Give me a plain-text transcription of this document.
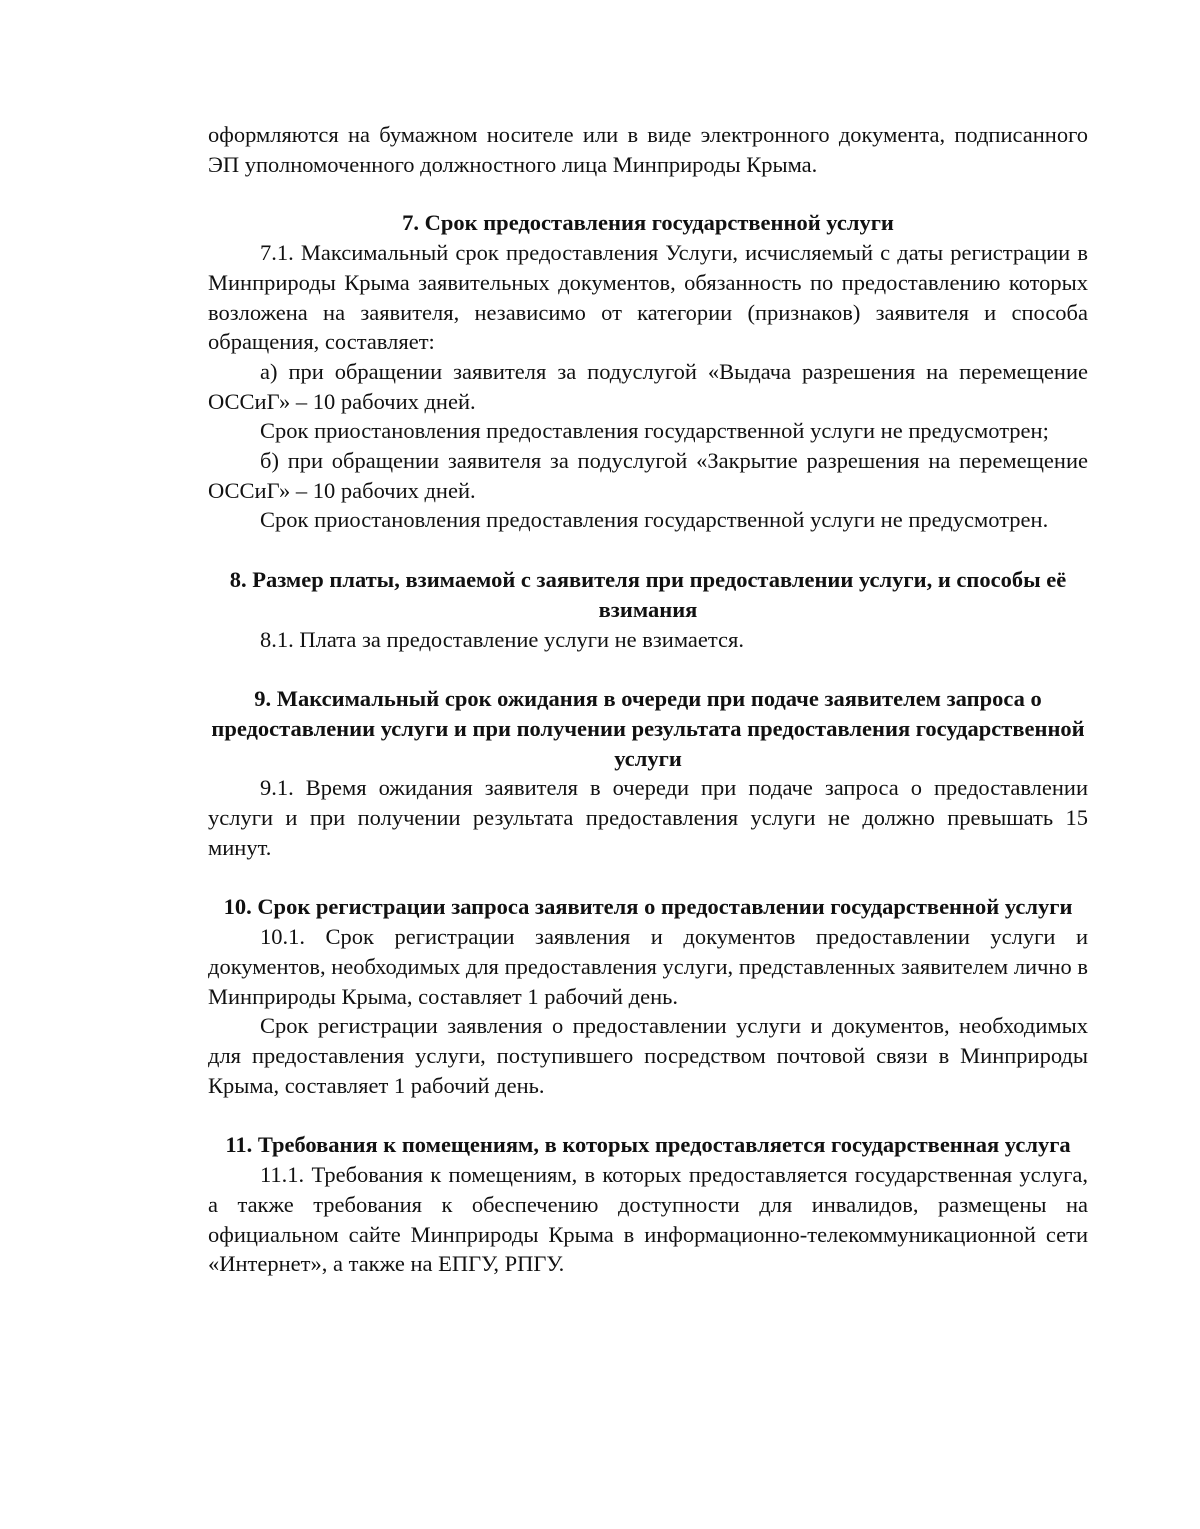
оформляются на бумажном носителе или в виде электронного документа, подписанного ЭП уполномоченного должностного лица Минприроды Крыма.

7. Срок предоставления государственной услуги

7.1. Максимальный срок предоставления Услуги, исчисляемый с даты регистрации в Минприроды Крыма заявительных документов, обязанность по предоставлению которых возложена на заявителя, независимо от категории (признаков) заявителя и способа обращения, составляет:

а) при обращении заявителя за подуслугой «Выдача разрешения на перемещение ОССиГ» – 10 рабочих дней.

Срок приостановления предоставления государственной услуги не предусмотрен;

б) при обращении заявителя за подуслугой «Закрытие разрешения на перемещение ОССиГ» – 10 рабочих дней.

Срок приостановления предоставления государственной услуги не предусмотрен.

8. Размер платы, взимаемой с заявителя при предоставлении услуги, и способы её взимания

8.1. Плата за предоставление услуги не взимается.

9. Максимальный срок ожидания в очереди при подаче заявителем запроса о предоставлении услуги и при получении результата предоставления государственной услуги

9.1. Время ожидания заявителя в очереди при подаче запроса о предоставлении услуги и при получении результата предоставления услуги не должно превышать 15 минут.

10. Срок регистрации запроса заявителя о предоставлении государственной услуги

10.1. Срок регистрации заявления и документов предоставлении услуги и документов, необходимых для предоставления услуги, представленных заявителем лично в Минприроды Крыма, составляет 1 рабочий день.

Срок регистрации заявления о предоставлении услуги и документов, необходимых для предоставления услуги, поступившего посредством почтовой связи в Минприроды Крыма, составляет 1 рабочий день.

11. Требования к помещениям, в которых предоставляется государственная услуга

11.1. Требования к помещениям, в которых предоставляется государственная услуга, а также требования к обеспечению доступности для инвалидов, размещены на официальном сайте Минприроды Крыма в информационно-телекоммуникационной сети «Интернет», а также на ЕПГУ, РПГУ.
